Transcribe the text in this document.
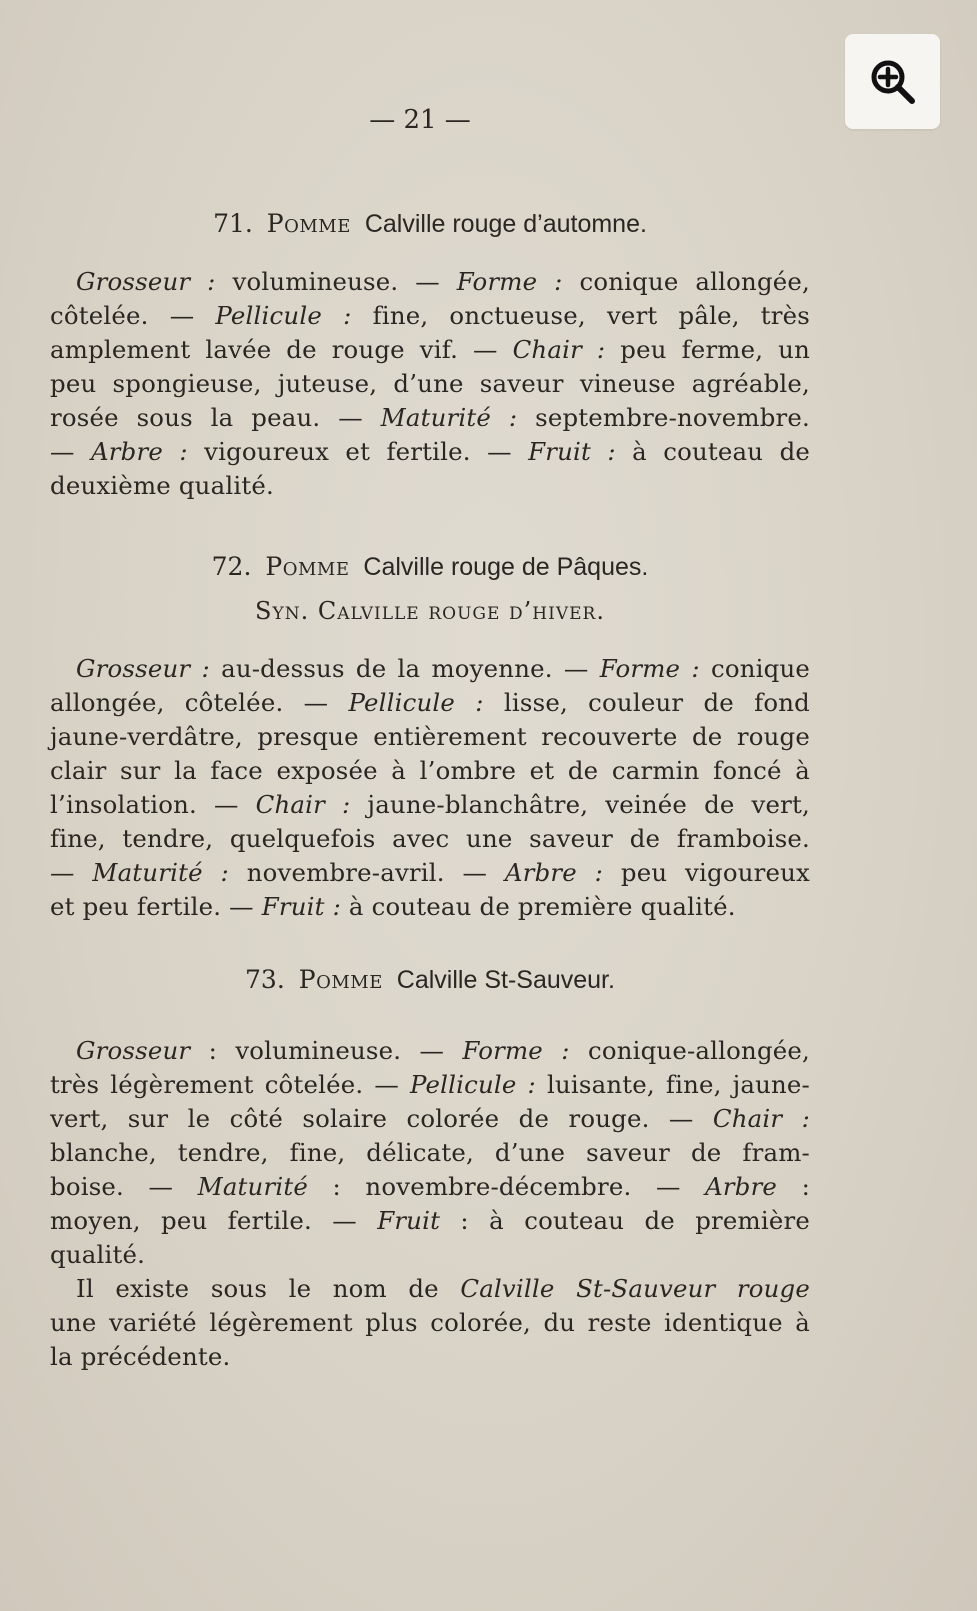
— 21 —
71. Pomme Calville rouge d’automne.
Grosseur : volumineuse. — Forme : conique allongée,
côtelée. — Pellicule : fine, onctueuse, vert pâle, très
amplement lavée de rouge vif. — Chair : peu ferme, un
peu spongieuse, juteuse, d’une saveur vineuse agréable,
rosée sous la peau. — Maturité : septembre-novembre.
— Arbre : vigoureux et fertile. — Fruit : à couteau de
deuxième qualité.
72. Pomme Calville rouge de Pâques.
Syn. Calville rouge d’hiver.
Grosseur : au-dessus de la moyenne. — Forme : conique
allongée, côtelée. — Pellicule : lisse, couleur de fond
jaune-verdâtre, presque entièrement recouverte de rouge
clair sur la face exposée à l’ombre et de carmin foncé à
l’insolation. — Chair : jaune-blanchâtre, veinée de vert,
fine, tendre, quelquefois avec une saveur de framboise.
— Maturité : novembre-avril. — Arbre : peu vigoureux
et peu fertile. — Fruit : à couteau de première qualité.
73. Pomme Calville St-Sauveur.
Grosseur : volumineuse. — Forme : conique-allongée,
très légèrement côtelée. — Pellicule : luisante, fine, jaune-
vert, sur le côté solaire colorée de rouge. — Chair :
blanche, tendre, fine, délicate, d’une saveur de fram-
boise. — Maturité : novembre-décembre. — Arbre :
moyen, peu fertile. — Fruit : à couteau de première
qualité.
Il existe sous le nom de Calville St-Sauveur rouge
une variété légèrement plus colorée, du reste identique à
la précédente.
